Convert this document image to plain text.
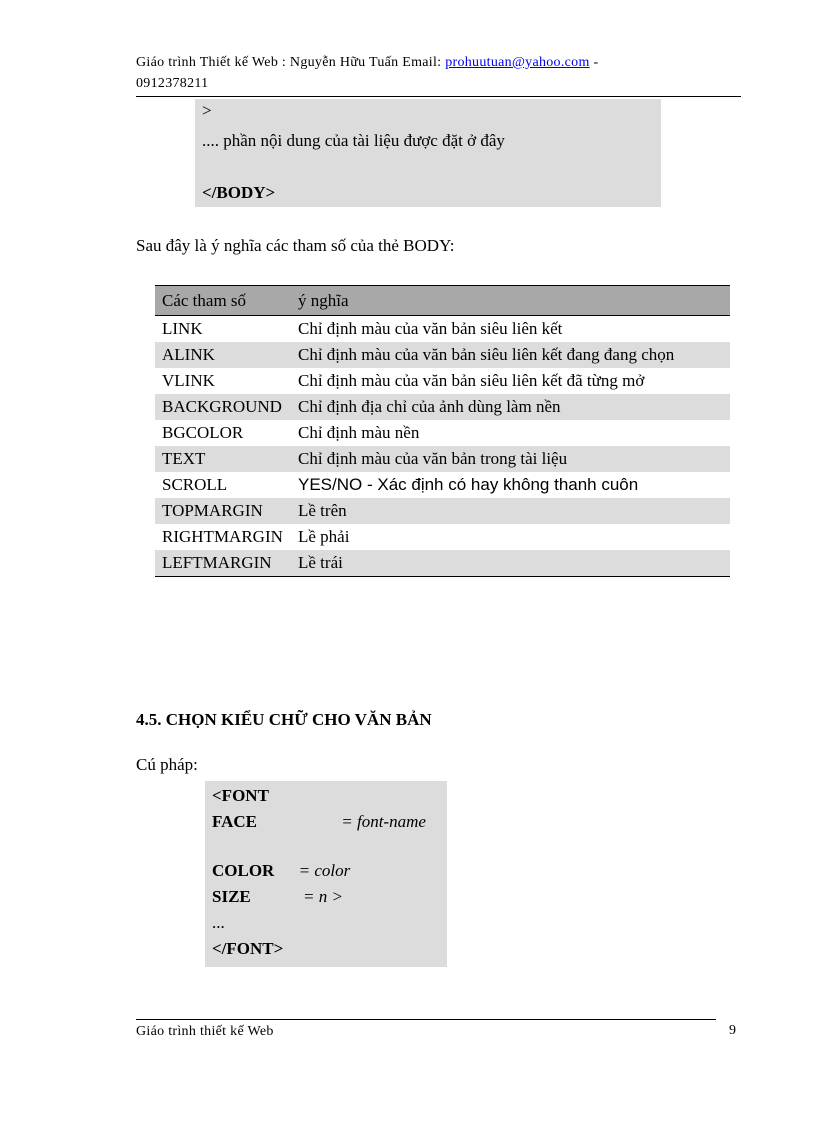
Giáo trình Thiết kế Web : Nguyễn Hữu Tuấn Email: prohuutuan@yahoo.com -
0912378211
>
.... phần nội dung của tài liệu được đặt ở đây
</BODY>
Sau đây là ý nghĩa các tham số của thẻ BODY:
Các tham số	ý nghĩa
LINK	Chỉ định màu của văn bản siêu liên kết
ALINK	Chỉ định màu của văn bản siêu liên kết đang đang chọn
VLINK	Chỉ định màu của văn bản siêu liên kết đã từng mở
BACKGROUND	Chỉ định địa chỉ của ảnh dùng làm nền
BGCOLOR	Chỉ định màu nền
TEXT	Chỉ định màu của văn bản trong tài liệu
SCROLL	YES/NO - Xác định có hay không thanh cuôn
TOPMARGIN	Lề trên
RIGHTMARGIN	Lề phải
LEFTMARGIN	Lề trái
4.5. CHỌN KIỂU CHỮ CHO VĂN BẢN
Cú pháp:
<FONT
FACE	= font-name
COLOR = color
SIZE	= n >
...
</FONT>
Giáo trình thiết kế Web	9
